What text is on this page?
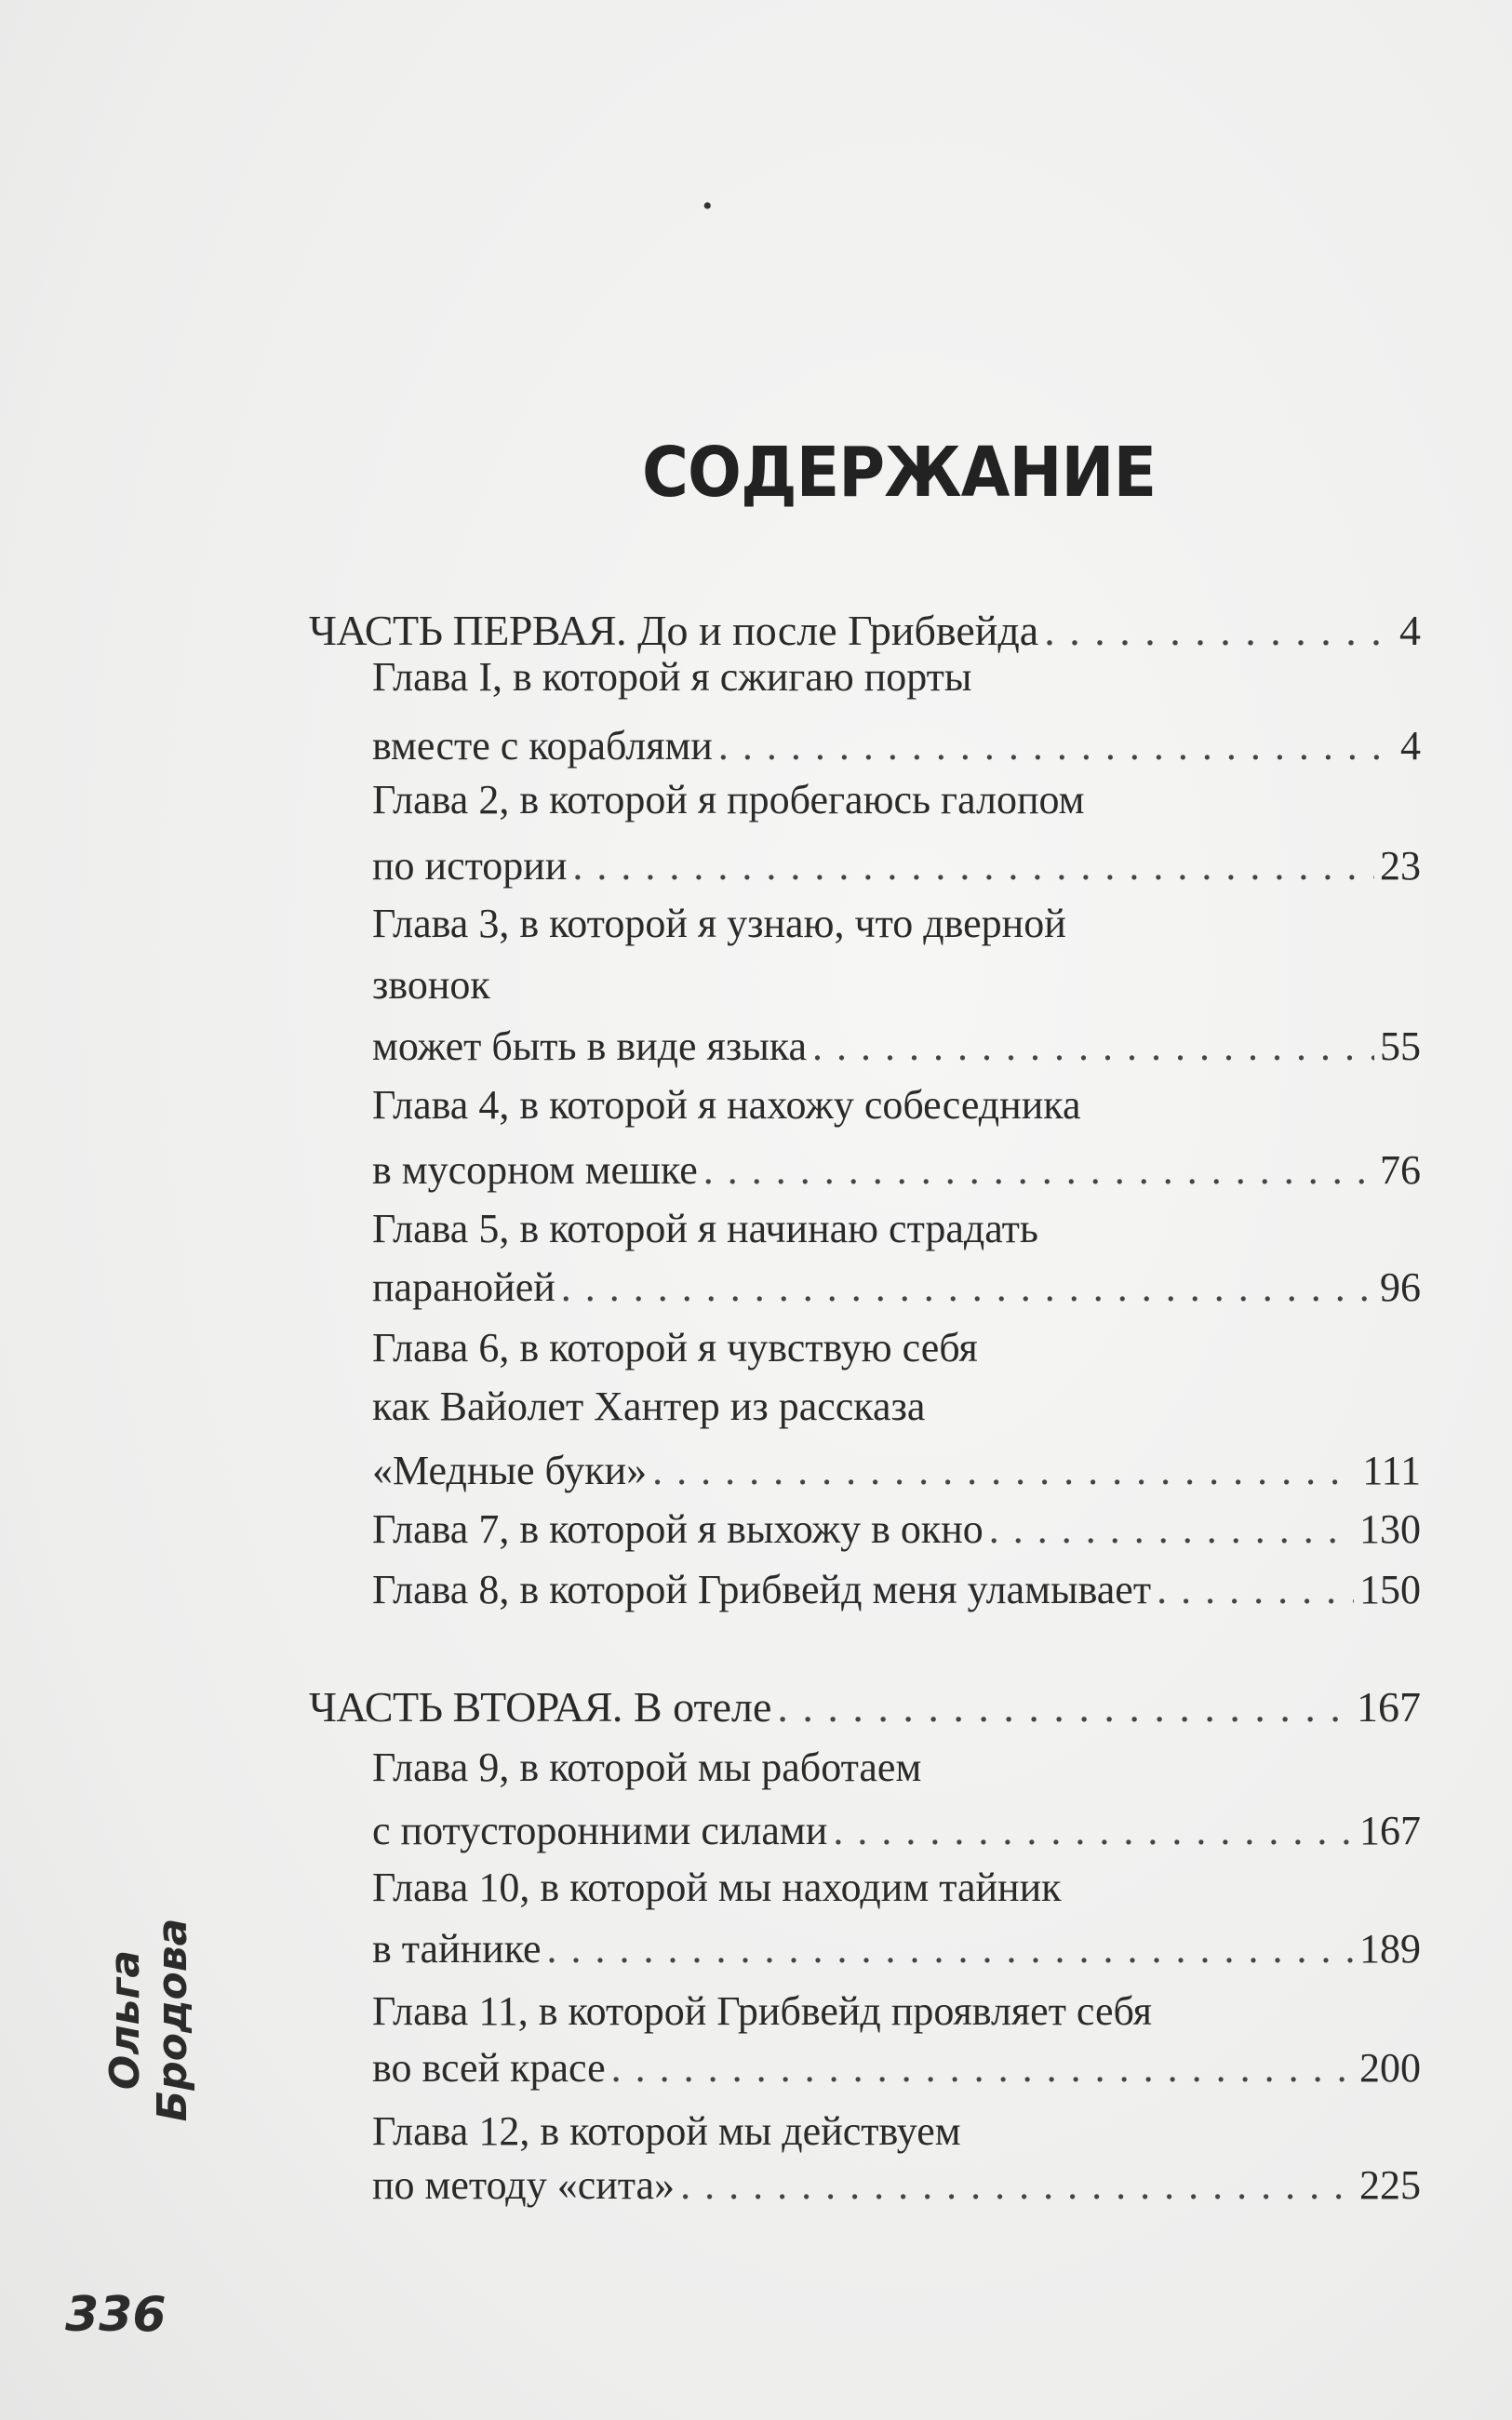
•
СОДЕРЖАНИЕ
ЧАСТЬ ПЕРВАЯ. До и после Грибвейда . . .	4
Глава I, в которой я сжигаю порты
вместе с кораблями . . .	4
Глава 2, в которой я пробегаюсь галопом
по истории . . .	23
Глава 3, в которой я узнаю, что дверной
звонок
может быть в виде языка . . .	55
Глава 4, в которой я нахожу собеседника
в мусорном мешке . . .	76
Глава 5, в которой я начинаю страдать
паранойей . . .	96
Глава 6, в которой я чувствую себя
как Вайолет Хантер из рассказа
«Медные буки» . . .	111
Глава 7, в которой я выхожу в окно . . .	130
Глава 8, в которой Грибвейд меня уламывает . . .	150
ЧАСТЬ ВТОРАЯ. В отеле . . .	167
Глава 9, в которой мы работаем
с потусторонними силами . . .	167
Глава 10, в которой мы находим тайник
в тайнике . . .	189
Глава 11, в которой Грибвейд проявляет себя
во всей красе . . .	200
Глава 12, в которой мы действуем
по методу «сита» . . .	225
Ольга Бродова
336
